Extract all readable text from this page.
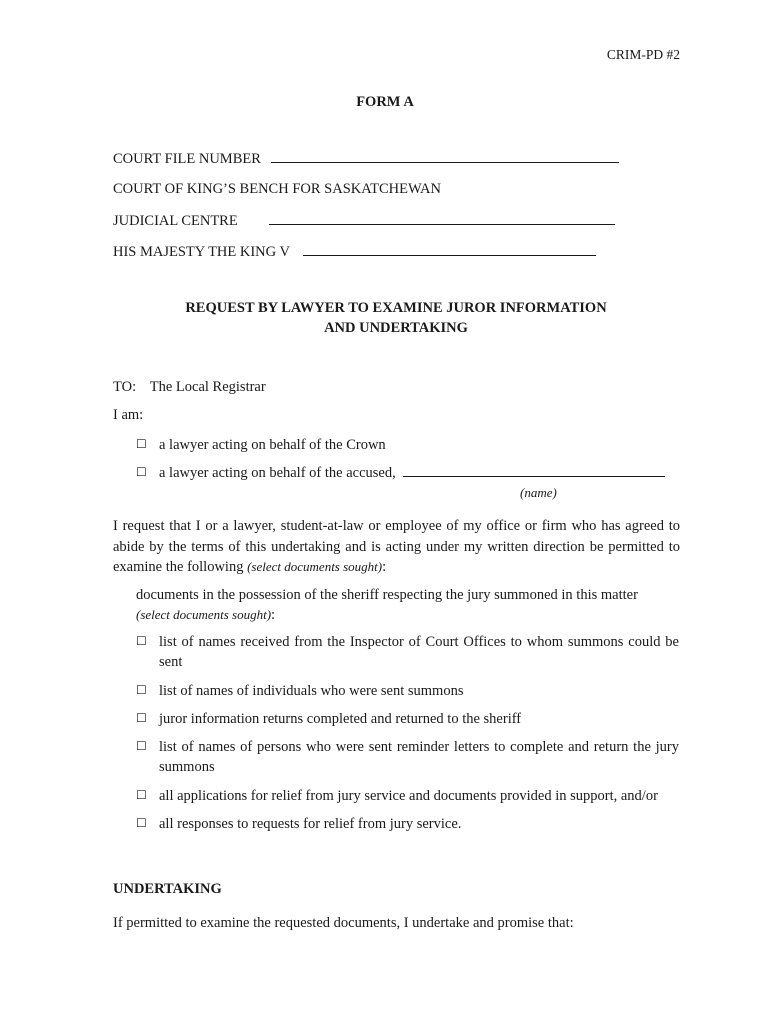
CRIM-PD #2
FORM A
COURT FILE NUMBER
COURT OF KING’S BENCH FOR SASKATCHEWAN
JUDICIAL CENTRE
HIS MAJESTY THE KING V
REQUEST BY LAWYER TO EXAMINE JUROR INFORMATION
AND UNDERTAKING
TO: The Local Registrar
I am:
☐ a lawyer acting on behalf of the Crown
☐ a lawyer acting on behalf of the accused,
(name)
I request that I or a lawyer, student-at-law or employee of my office or firm who has agreed to abide by the terms of this undertaking and is acting under my written direction be permitted to examine the following (select documents sought):
documents in the possession of the sheriff respecting the jury summoned in this matter
(select documents sought):
☐ list of names received from the Inspector of Court Offices to whom summons could be sent
☐ list of names of individuals who were sent summons
☐ juror information returns completed and returned to the sheriff
☐ list of names of persons who were sent reminder letters to complete and return the jury summons
☐ all applications for relief from jury service and documents provided in support, and/or
☐ all responses to requests for relief from jury service.
UNDERTAKING
If permitted to examine the requested documents, I undertake and promise that:
